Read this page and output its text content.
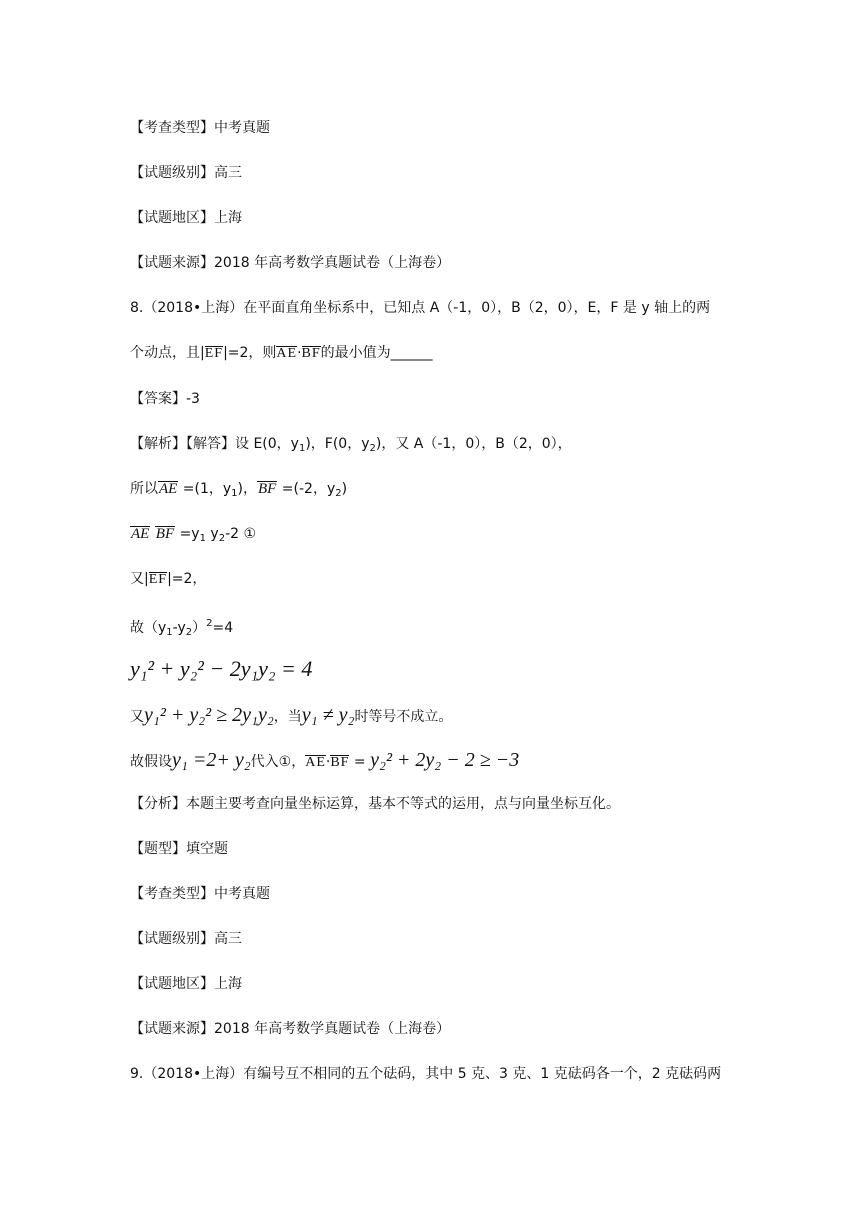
【考查类型】中考真题

【试题级别】高三

【试题地区】上海

【试题来源】2018 年高考数学真题试卷（上海卷）

8.（2018•上海）在平面直角坐标系中，已知点 A（-1，0），B（2，0），E，F 是 y 轴上的两

个动点，且|EF|=2，则AE·BF的最小值为______

【答案】-3

【解析】【解答】设 E(0，$y_1$)，F(0，$y_2$)，又 A（-1，0），B（2，0），

所以AE =(1，$y_1$)，BF =(-2，$y_2$)

AE BF $=y_1$ $y_2-2$ ①

又|EF|=2，

故$(y_1-y_2)^2=4$

y₁² + y₂² − 2y₁y₂ = 4

又y₁² + y₂² ≥ 2y₁y₂，当y₁ ≠ y₂时等号不成立。

故假设y₁ =2+ y₂代入①，AE·BF = y₂² + 2y₂ − 2 ≥ −3

【分析】本题主要考查向量坐标运算，基本不等式的运用，点与向量坐标互化。

【题型】填空题

【考查类型】中考真题

【试题级别】高三

【试题地区】上海

【试题来源】2018 年高考数学真题试卷（上海卷）

9.（2018•上海）有编号互不相同的五个砝码，其中 5 克、3 克、1 克砝码各一个，2 克砝码两
